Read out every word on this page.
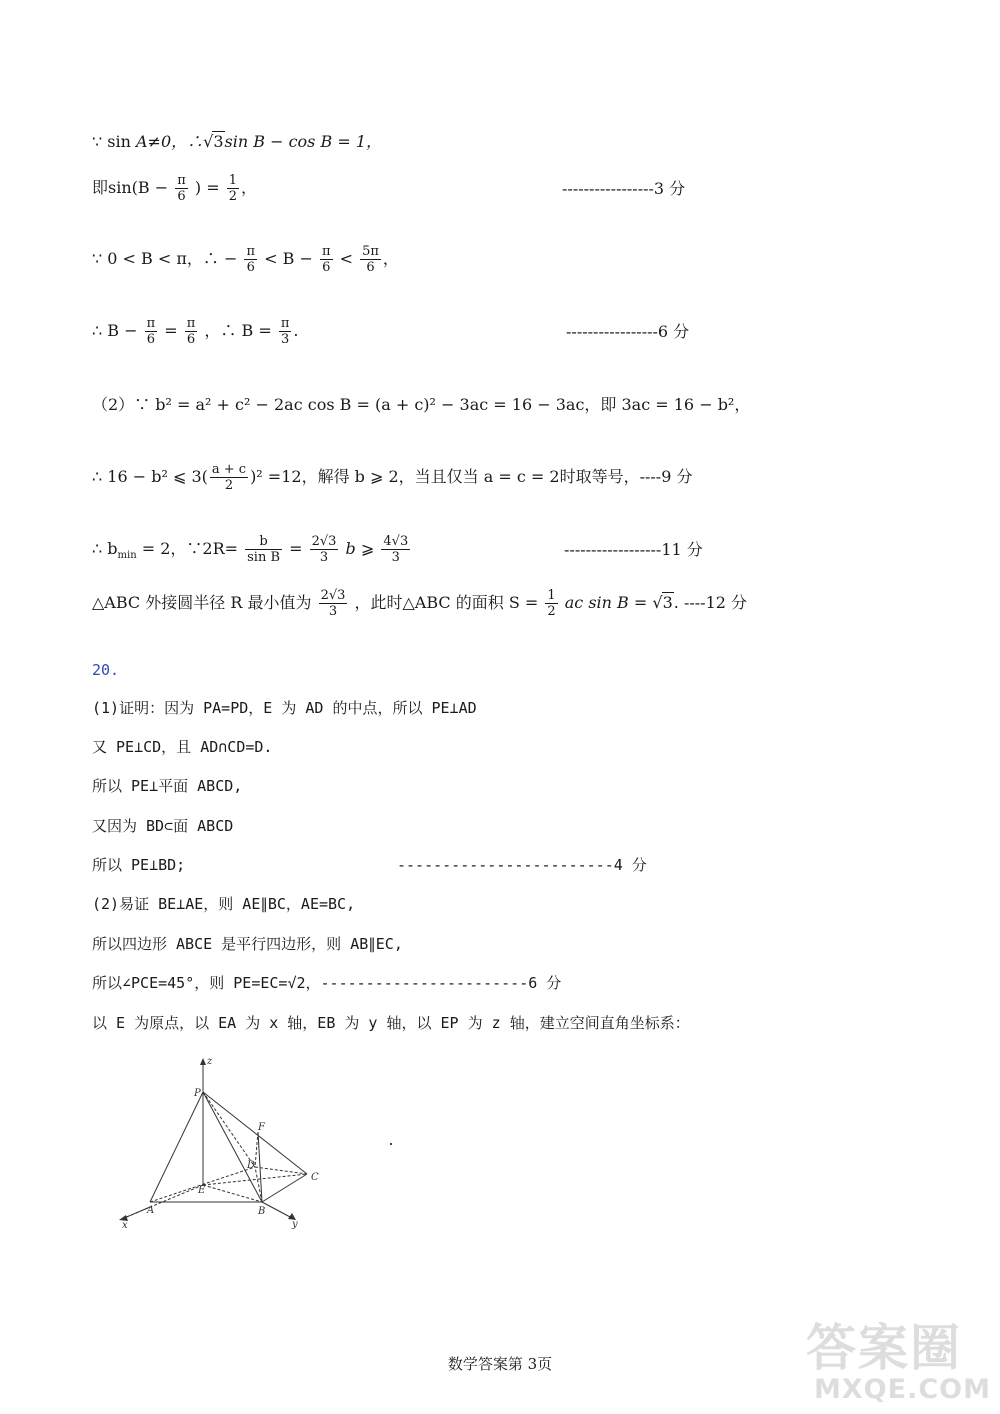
∵ sin A≠0，∴√3sin B − cos B = 1，
即$\sin(B - \frac{\pi}{6}$ ) = $\frac{1}{2}$ ，	-----------------3 分
∵ 0 < B < π，∴ − $\frac{\pi}{6} < B - \frac{\pi}{6} < \frac{5\pi}{6}$ ，
∴ $B - \frac{\pi}{6} = \frac{\pi}{6}$ ，∴ $B = \frac{\pi}{3}$ .	-----------------6 分
（2）∵ b² = a² + c² − 2ac cos B = (a + c)² − 3ac = 16 − 3ac，即 3ac = 16 − b²，
∴ 16 − b² ⩽ $3( \frac{a + c}{2} )^2 =12$，解得 b ⩾ 2，当且仅当 a = c = 2时取等号，----9 分
∴ $b_{min} = 2$，∵2R= $\frac{b}{\text{sin B}} = \frac{2√3}{3}$ b ⩾ $\frac{4√3}{3}$	------------------11 分
△ABC 外接圆半径 R 最小值为 $\frac{2√3}{3}$ ，此时△ABC 的面积 $S = \frac{1}{2}$ ac sin B = √3. ----12 分
20.
(1)证明：因为 PA=PD，E 为 AD 的中点，所以 PE⊥AD
又 PE⊥CD，且 AD∩CD=D.
所以 PE⊥平面 ABCD,
又因为 BD⊂面 ABCD
所以 PE⊥BD;	------------------------4 分
(2)易证 BE⊥AE，则 AE∥BC，AE=BC,
所以四边形 ABCE 是平行四边形，则 AB∥EC,
所以∠PCE=45°，则 PE=EC=√2，-----------------------6 分
以 E 为原点，以 EA 为 x 轴，EB 为 y 轴，以 EP 为 z 轴，建立空间直角坐标系：
z
P
F
D
C
E
A	B
x	y
数学答案第 3页	答案圈
MXQE.COM
